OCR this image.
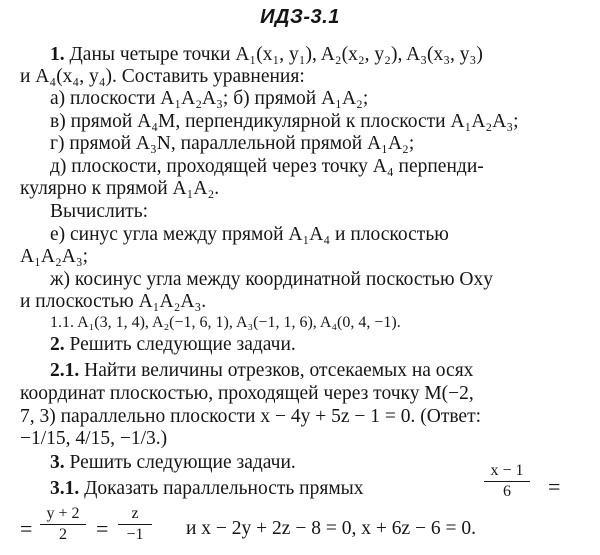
ИДЗ-3.1
1. Даны четыре точки A₁(x₁, y₁), A₂(x₂, y₂), A₃(x₃, y₃)
и A₄(x₄, y₄). Составить уравнения:
а) плоскости A₁A₂A₃; б) прямой A₁A₂;
в) прямой A₄M, перпендикулярной к плоскости A₁A₂A₃;
г) прямой A₃N, параллельной прямой A₁A₂;
д) плоскости, проходящей через точку A₄ перпенди-
кулярно к прямой A₁A₂.
Вычислить:
е) синус угла между прямой A₁A₄ и плоскостью
A₁A₂A₃;
ж) косинус угла между координатной поскостью Oxy
и плоскостью A₁A₂A₃.
1.1. A₁(3, 1, 4), A₂(−1, 6, 1), A₃(−1, 1, 6), A₄(0, 4, −1).
2. Решить следующие задачи.
2.1. Найти величины отрезков, отсекаемых на осях
координат плоскостью, проходящей через точку M(−2,
7, 3) параллельно плоскости x − 4y + 5z − 1 = 0. (Ответ:
−1/15, 4/15, −1/3.)
3. Решить следующие задачи.
3.1. Доказать параллельность прямых
x − 1
6	=
=
y + 2
2	=
z
−1	и x − 2y + 2z − 8 = 0, x + 6z − 6 = 0.
